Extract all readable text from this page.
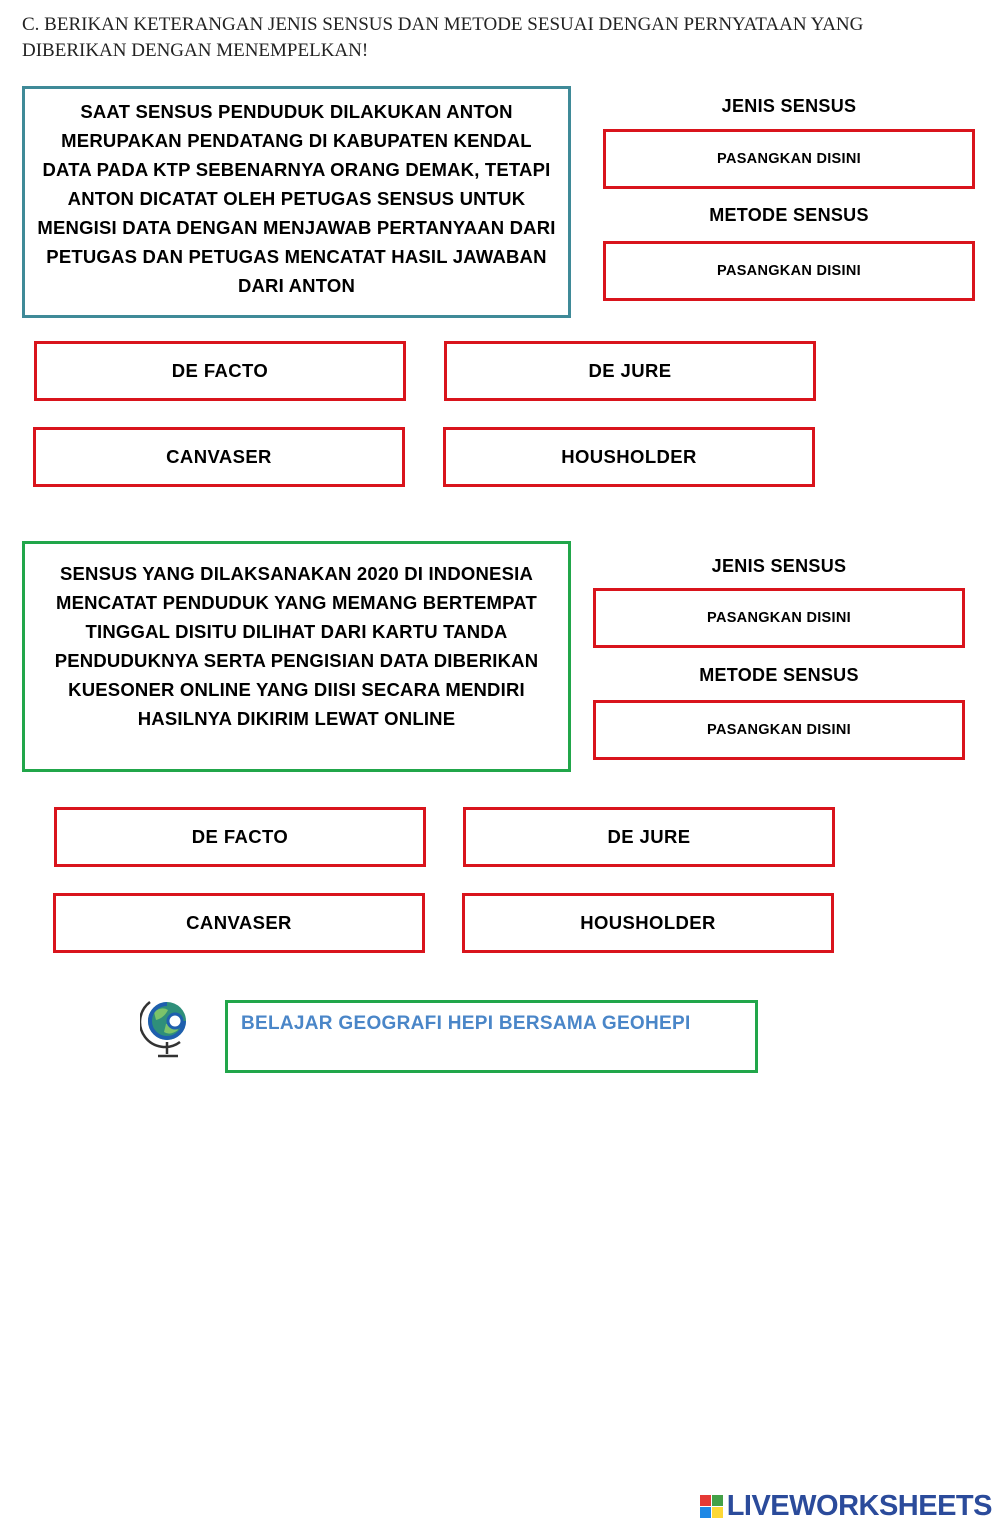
C. BERIKAN KETERANGAN JENIS SENSUS DAN METODE SESUAI DENGAN PERNYATAAN YANG DIBERIKAN DENGAN MENEMPELKAN!
SAAT SENSUS PENDUDUK DILAKUKAN ANTON MERUPAKAN PENDATANG DI KABUPATEN KENDAL DATA PADA KTP SEBENARNYA ORANG DEMAK, TETAPI ANTON DICATAT OLEH PETUGAS SENSUS UNTUK MENGISI DATA DENGAN MENJAWAB PERTANYAAN DARI PETUGAS DAN PETUGAS MENCATAT HASIL JAWABAN DARI ANTON
JENIS SENSUS
PASANGKAN DISINI
METODE SENSUS
PASANGKAN DISINI
DE FACTO	DE JURE
CANVASER	HOUSHOLDER
SENSUS YANG DILAKSANAKAN 2020 DI INDONESIA MENCATAT PENDUDUK YANG MEMANG BERTEMPAT TINGGAL DISITU DILIHAT DARI KARTU TANDA PENDUDUKNYA SERTA PENGISIAN DATA DIBERIKAN KUESONER ONLINE YANG DIISI SECARA MENDIRI HASILNYA DIKIRIM LEWAT ONLINE
JENIS SENSUS
PASANGKAN DISINI
METODE SENSUS
PASANGKAN DISINI
DE FACTO	DE JURE
CANVASER	HOUSHOLDER
BELAJAR GEOGRAFI HEPI BERSAMA GEOHEPI
LIVEWORKSHEETS
